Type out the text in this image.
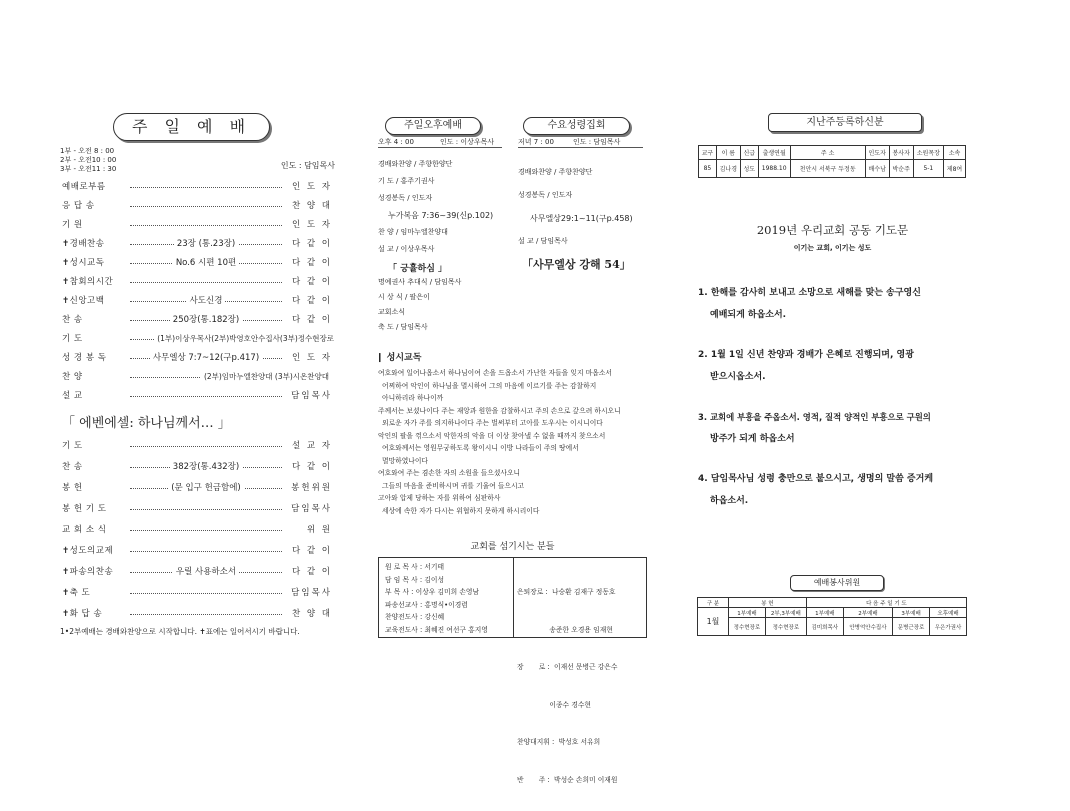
주 일 예 배
1부 - 오전 8 : 00
2부 - 오전10 : 00
3부 - 오전11 : 30	인도 : 담임목사
예배로부름	인 도 자
응 답 송	찬 양 대
기 원	인 도 자
✝경배찬송	23장 (통.23장)	다 같 이
✝성시교독	No.6 시편 10편	다 같 이
✝참회의시간	다 같 이
✝신앙고백	사도신경	다 같 이
찬 송	250장(통.182장)	다 같 이
기 도	(1부)이상우목사(2부)박영호안수집사(3부)정수현장로
성 경 봉 독	사무엘상 7:7~12(구p.417)	인 도 자
찬 양	(2부)임마누엘찬양대 (3부)시온찬양대
설 교	담임목사
「 에벤에셀: 하나님께서… 」
기 도	설 교 자
찬 송	382장(통.432장)	다 같 이
봉 헌	(문 입구 헌금함에)	봉헌위원
봉 헌 기 도	담임목사
교 회 소 식	위 원
✝성도의교제	다 같 이
✝파송의찬송	우릴 사용하소서	다 같 이
✝축 도	담임목사
✝화 답 송	찬 양 대
1•2부예배는 경배와찬양으로 시작합니다. ✝표에는 일어서시기 바랍니다.
주일오후예배
오후 4 : 00	인도 : 이상우목사
경배와찬양 / 주향한양단
기 도 / 홍주기권사
성경봉독 / 인도자
누가복음 7:36~39(신p.102)
찬 양 / 임마누엘찬양대
설 교 / 이상우목사
「 긍휼하심 」
명예권사 추대식 / 담임목사
시 상 식 / 팔은이
교회소식
축 도 / 담임목사
수요성령집회
저녁 7 : 00	인도 : 담임목사
경배와찬양 / 주향찬양단
성경봉독 / 인도자
사무엘상29:1~11(구p.458)
설 교 / 담임목사
「사무엘상 강해 54」
❙ 성시교독
여호와여 일어나옵소서 하나님이여 손을 드옵소서 가난한 자들을 잊지 마옵소서
어찌하여 악인이 하나님을 멸시하여 그의 마음에 이르기를 주는 감찰하지
아니하리라 하나이까
주께서는 보셨나이다 주는 재앙과 원한을 감찰하시고 주의 손으로 갚으려 하시오니
외로운 자가 주를 의지하나이다 주는 벌써부터 고아를 도우시는 이시니이다
악인의 팔을 꺾으소서 악한자의 악을 더 이상 찾아낼 수 없을 때까지 찾으소서
여호와께서는 영원무궁하도록 왕이시니 이방 나라들이 주의 땅에서
멸망하였나이다
여호와여 주는 겸손한 자의 소원을 들으셨사오니
그들의 마음을 준비하시며 귀를 기울여 들으시고
고아와 압제 당하는 자를 위하여 심판하사
세상에 속한 자가 다시는 위협하지 못하게 하시리이다
교회를 섬기시는 분들
원 로 목 사 : 서기태
담 임 목 사 : 김이성
부 목 사 : 이상우 김미희 손영남
파송선교사 : 홍명식•이경렴
찬양전도사 : 강신혜
교육전도사 : 최혜진 여선구 홍지영

은퇴장로 :  나승환 김재구 정동호

송준한 오경용 임재현

장       로 :  이재선 문병근 강은수

이종수 경수현

찬양대지휘 :  박성호 서유희

반       주 :  박성순 손희미 이재원

지난주등록하신분
교구	이 름	신급	출생연월	주 소	인도자	봉사자	소원목장	소속
85	김나경	성도	1988.10	천안시 서북구 두정동	배수남	박순주	5-1	제8여
2019년 우리교회 공동 기도문
이기는 교회, 이기는 성도
1. 한해를 감사히 보내고 소망으로 새해를 맞는 송구영신
예배되게 하옵소서.
2. 1월 1일 신년 찬양과 경배가 은혜로 진행되며, 영광
받으시옵소서.
3. 교회에 부흥을 주옵소서. 영적, 질적 양적인 부흥으로 구원의
방주가 되게 하옵소서
4. 담임목사님 성령 충만으로 붙으시고, 생명의 말씀 증거케
하옵소서.
예배봉사위원
구 분	봉 헌		다 음 주 일 기 도			
1월	1부예배	2부,3부예배	1부예배	2부예배	3부예배	오후예배
	정수현장로	정수현장로	김미희목사	안병억안수집사	문병근장로	우은가권사
